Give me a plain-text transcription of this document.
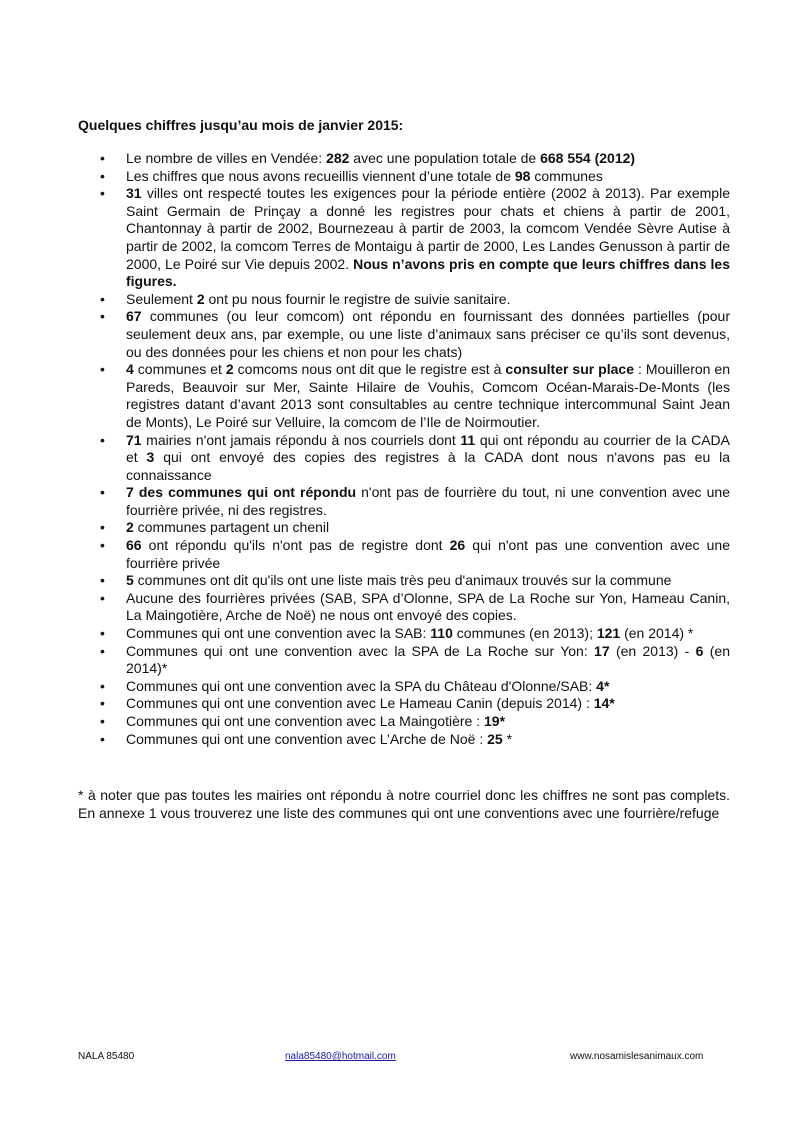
Quelques chiffres jusqu’au mois de janvier 2015:
• Le nombre de villes en Vendée: 282 avec une population totale de 668 554 (2012)
• Les chiffres que nous avons recueillis viennent d’une totale de 98 communes
• 31 villes ont respecté toutes les exigences pour la période entière (2002 à 2013). Par exemple Saint Germain de Prinçay a donné les registres pour chats et chiens à partir de 2001, Chantonnay à partir de 2002, Bournezeau à partir de 2003, la comcom Vendée Sèvre Autise à partir de 2002, la comcom Terres de Montaigu à partir de 2000, Les Landes Genusson à partir de 2000, Le Poiré sur Vie depuis 2002. Nous n’avons pris en compte que leurs chiffres dans les figures.
• Seulement 2 ont pu nous fournir le registre de suivie sanitaire.
• 67 communes (ou leur comcom) ont répondu en fournissant des données partielles (pour seulement deux ans, par exemple, ou une liste d’animaux sans préciser ce qu’ils sont devenus, ou des données pour les chiens et non pour les chats)
• 4 communes et 2 comcoms nous ont dit que le registre est à consulter sur place : Mouilleron en Pareds, Beauvoir sur Mer, Sainte Hilaire de Vouhis, Comcom Océan-Marais-De-Monts (les registres datant d’avant 2013 sont consultables au centre technique intercommunal Saint Jean de Monts), Le Poiré sur Velluire, la comcom de l’Ile de Noirmoutier.
• 71 mairies n'ont jamais répondu à nos courriels dont 11 qui ont répondu au courrier de la CADA et 3 qui ont envoyé des copies des registres à la CADA dont nous n'avons pas eu la connaissance
• 7 des communes qui ont répondu n'ont pas de fourrière du tout, ni une convention avec une fourrière privée, ni des registres.
• 2 communes partagent un chenil
• 66 ont répondu qu'ils n'ont pas de registre dont 26 qui n'ont pas une convention avec une fourrière privée
• 5 communes ont dit qu'ils ont une liste mais très peu d'animaux trouvés sur la commune
• Aucune des fourrières privées (SAB, SPA d’Olonne, SPA de La Roche sur Yon, Hameau Canin, La Maingotière, Arche de Noë) ne nous ont envoyé des copies.
• Communes qui ont une convention avec la SAB: 110 communes (en 2013); 121 (en 2014) *
• Communes qui ont une convention avec la SPA de La Roche sur Yon: 17 (en 2013) - 6 (en 2014)*
• Communes qui ont une convention avec la SPA du Château d'Olonne/SAB: 4*
• Communes qui ont une convention avec Le Hameau Canin (depuis 2014) : 14*
• Communes qui ont une convention avec La Maingotière : 19*
• Communes qui ont une convention avec L’Arche de Noë : 25 *
* à noter que pas toutes les mairies ont répondu à notre courriel donc les chiffres ne sont pas complets. En annexe 1 vous trouverez une liste des communes qui ont une conventions avec une fourrière/refuge
NALA 85480	nala85480@hotmail.com	www.nosamislesanimaux.com
